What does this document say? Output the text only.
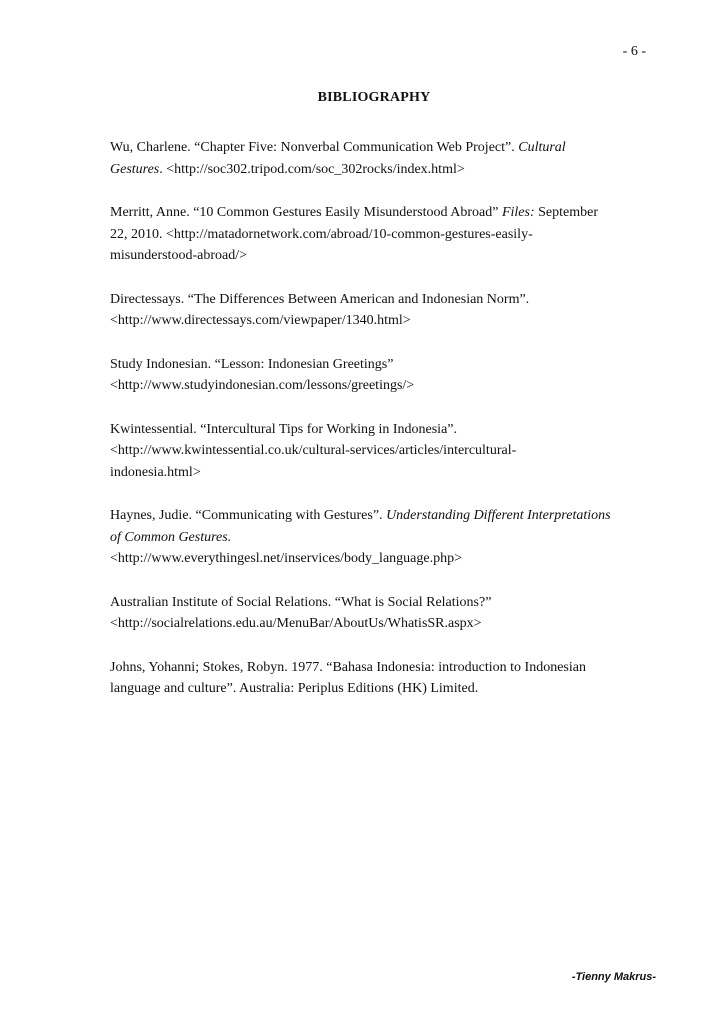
- 6 -
BIBLIOGRAPHY
Wu, Charlene. “Chapter Five: Nonverbal Communication Web Project”. Cultural
Gestures. <http://soc302.tripod.com/soc_302rocks/index.html>
Merritt, Anne. “10 Common Gestures Easily Misunderstood Abroad” Files: September
22, 2010. <http://matadornetwork.com/abroad/10-common-gestures-easily-
misunderstood-abroad/>
Directessays. “The Differences Between American and Indonesian Norm”.
<http://www.directessays.com/viewpaper/1340.html>
Study Indonesian. “Lesson: Indonesian Greetings”
<http://www.studyindonesian.com/lessons/greetings/>
Kwintessential. “Intercultural Tips for Working in Indonesia”.
<http://www.kwintessential.co.uk/cultural-services/articles/intercultural-
indonesia.html>
Haynes, Judie. “Communicating with Gestures”. Understanding Different Interpretations
of Common Gestures.
<http://www.everythingesl.net/inservices/body_language.php>
Australian Institute of Social Relations. “What is Social Relations?”
<http://socialrelations.edu.au/MenuBar/AboutUs/WhatisSR.aspx>
Johns, Yohanni; Stokes, Robyn. 1977. “Bahasa Indonesia: introduction to Indonesian
language and culture”. Australia: Periplus Editions (HK) Limited.
-Tienny Makrus-
